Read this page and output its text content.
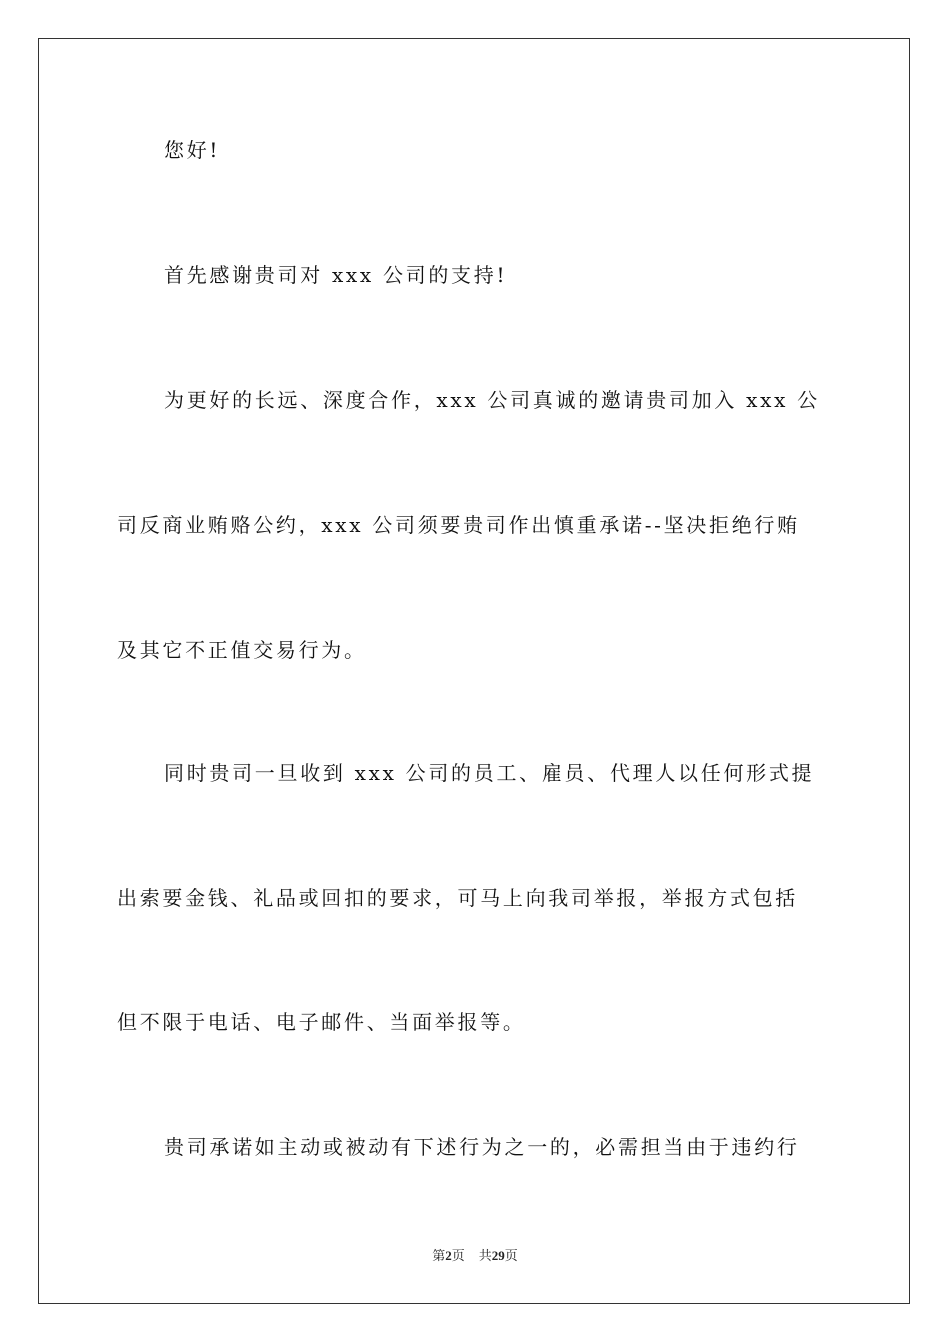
您好!
首先感谢贵司对 xxx 公司的支持!
为更好的长远、深度合作，xxx 公司真诚的邀请贵司加入 xxx 公
司反商业贿赂公约，xxx 公司须要贵司作出慎重承诺--坚决拒绝行贿
及其它不正值交易行为。
同时贵司一旦收到 xxx 公司的员工、雇员、代理人以任何形式提
出索要金钱、礼品或回扣的要求，可马上向我司举报，举报方式包括
但不限于电话、电子邮件、当面举报等。
贵司承诺如主动或被动有下述行为之一的，必需担当由于违约行
第2页 共29页
